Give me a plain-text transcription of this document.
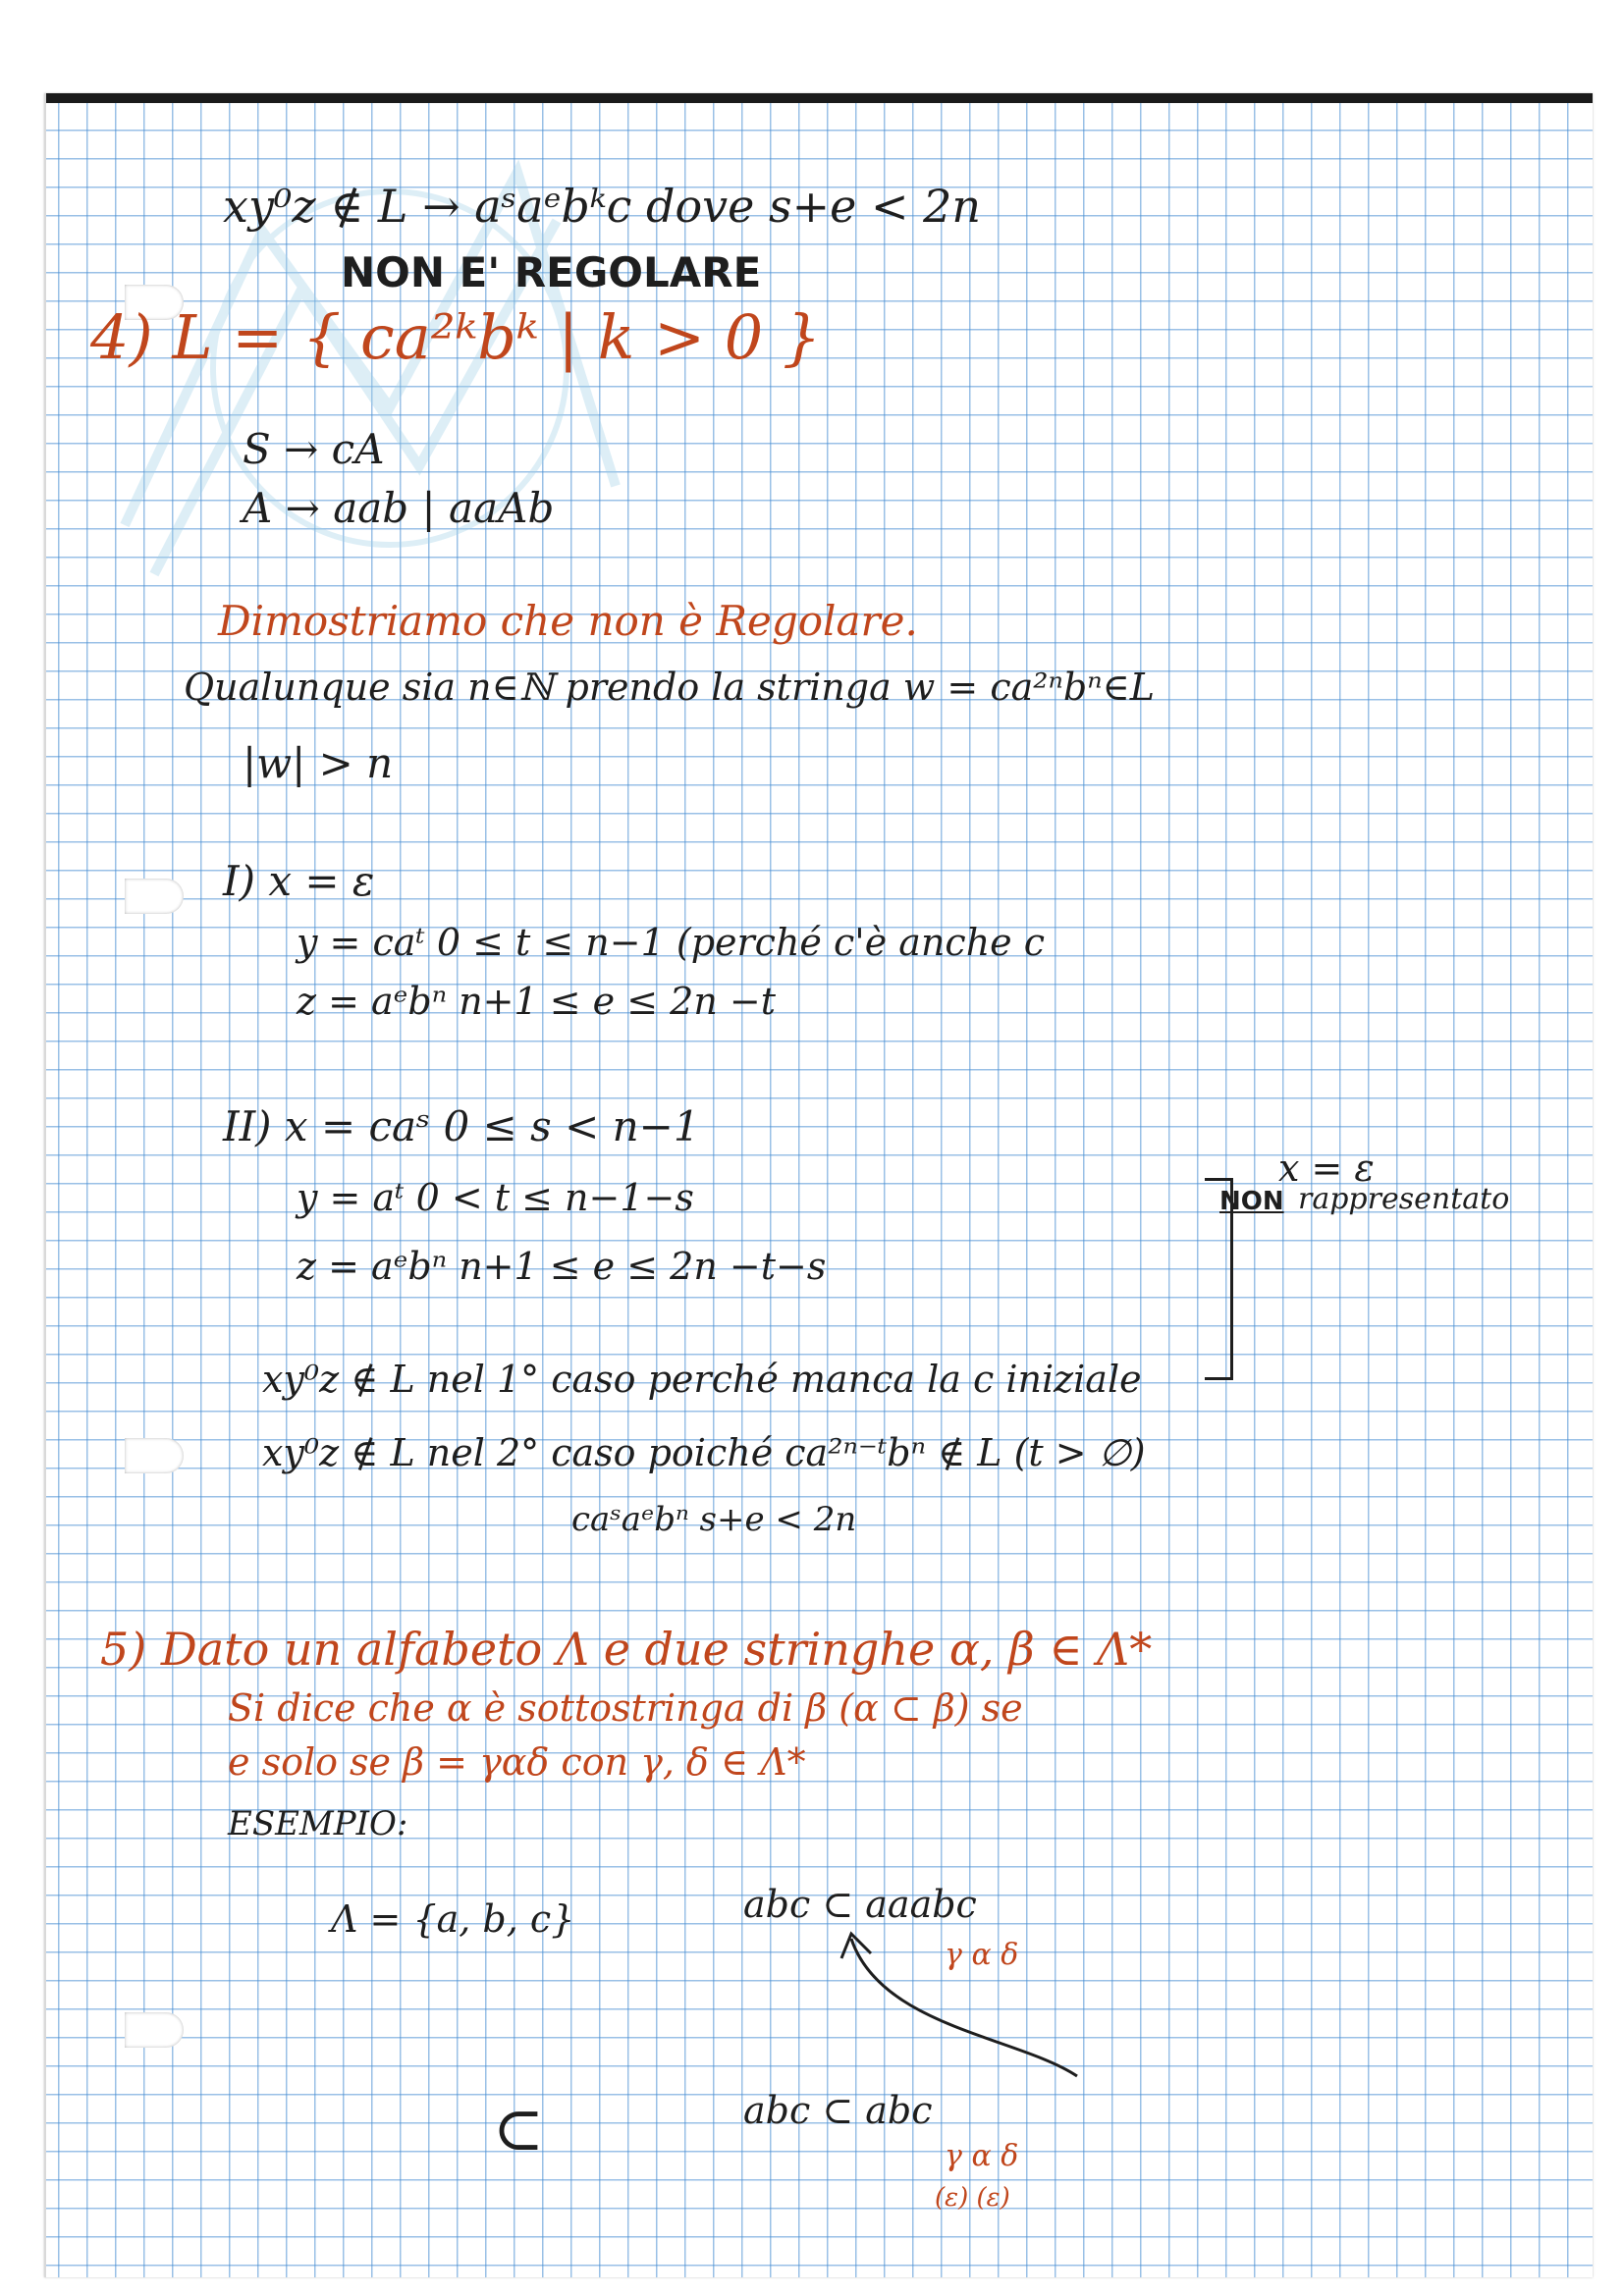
xy⁰z ∉ L → aˢaᵉbᵏc dove s+e < 2n
NON E' REGOLARE
4) L = { ca²ᵏbᵏ | k > 0 }
S → cA
A → aab | aaAb
Dimostriamo che non è Regolare.
Qualunque sia n∈ℕ prendo la stringa w = ca²ⁿbⁿ∈L
|w| > n
I) x = ε
y = caᵗ 0 ≤ t ≤ n−1 (perché c'è anche c
z = aᵉbⁿ n+1 ≤ e ≤ 2n −t
II) x = caˢ 0 ≤ s < n−1
y = aᵗ 0 < t ≤ n−1−s
z = aᵉbⁿ n+1 ≤ e ≤ 2n −t−s
x = ε
NON rappresentato
xy⁰z ∉ L nel 1° caso perché manca la c iniziale
xy⁰z ∉ L nel 2° caso poiché ca²ⁿ⁻ᵗbⁿ ∉ L (t > ∅)
caˢaᵉbⁿ s+e < 2n
5) Dato un alfabeto Λ e due stringhe α, β ∈ Λ*
Si dice che α è sottostringa di β (α ⊂ β) se
e solo se β = γαδ con γ, δ ∈ Λ*
ESEMPIO:
Λ = {a, b, c}	abc ⊂ aaabc
γ α δ
abc ⊂ abc
γ α δ
(ε) (ε)
⊂
